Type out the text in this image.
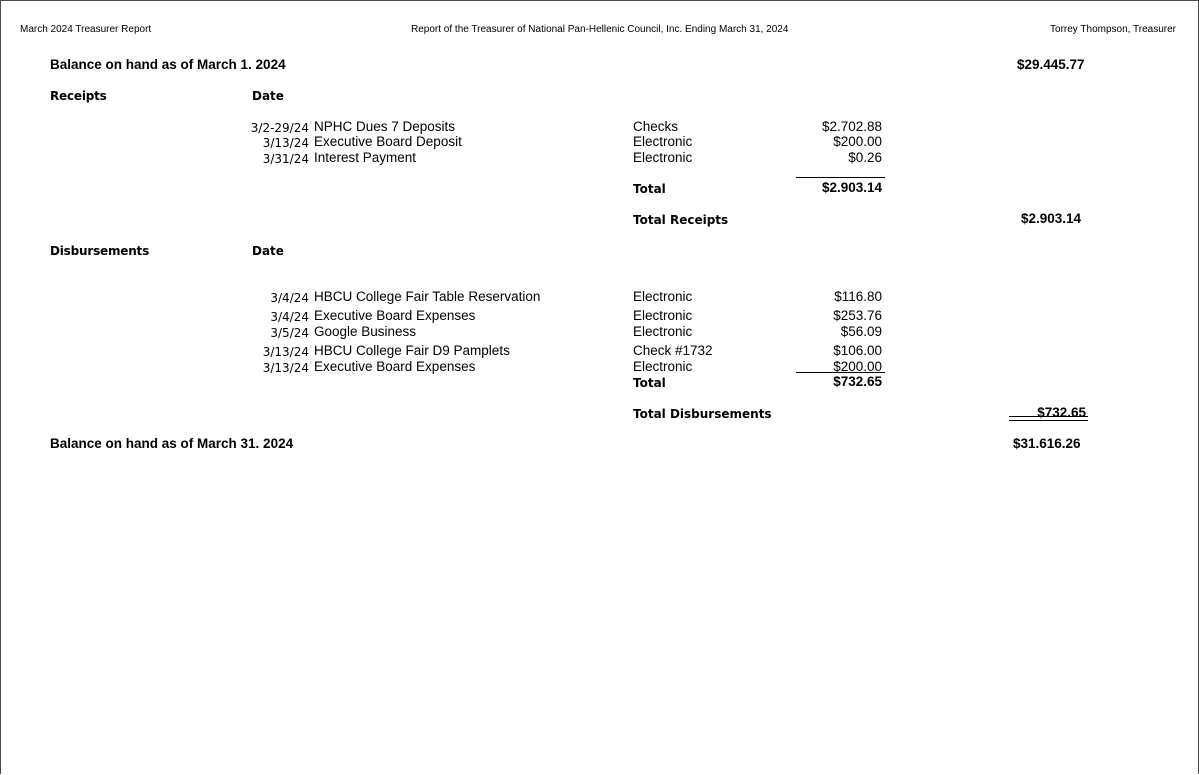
March 2024 Treasurer Report	Report of the Treasurer of National Pan-Hellenic Council, Inc. Ending March 31, 2024	Torrey Thompson, Treasurer
Balance on hand as of March 1. 2024	$29.445.77
Receipts	Date
3/2-29/24 NPHC Dues 7 Deposits	Checks	$2.702.88
3/13/24 Executive Board Deposit	Electronic	$200.00
3/31/24 Interest Payment	Electronic	$0.26
Total	$2.903.14
Total Receipts	$2.903.14
Disbursements	Date
3/4/24 HBCU College Fair Table Reservation	Electronic	$116.80
3/4/24 Executive Board Expenses	Electronic	$253.76
3/5/24 Google Business	Electronic	$56.09
3/13/24 HBCU College Fair D9 Pamplets	Check #1732	$106.00
3/13/24 Executive Board Expenses	Electronic	$200.00
Total	$732.65
Total Disbursements	$732.65
Balance on hand as of March 31. 2024	$31.616.26
